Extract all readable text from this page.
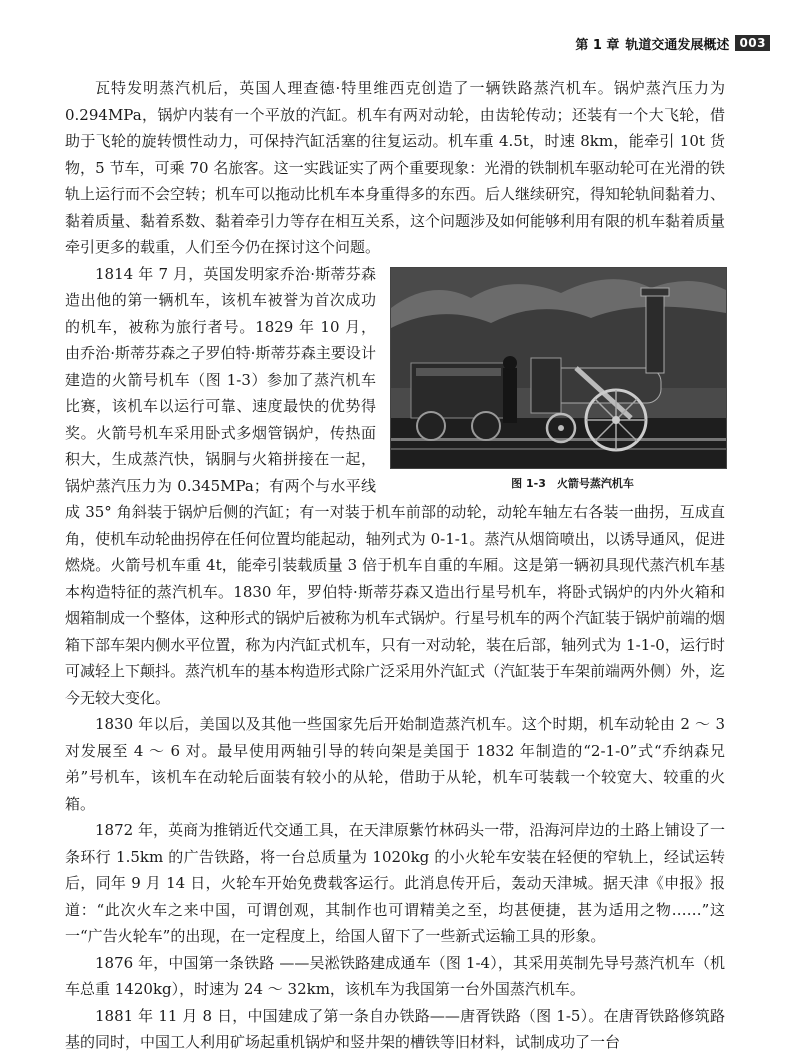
第 1 章 轨道交通发展概述 003

瓦特发明蒸汽机后，英国人理查德·特里维西克创造了一辆铁路蒸汽机车。锅炉蒸汽压力为 0.294MPa，锅炉内装有一个平放的汽缸。机车有两对动轮，由齿轮传动；还装有一个大飞轮，借助于飞轮的旋转惯性动力，可保持汽缸活塞的往复运动。机车重 4.5t，时速 8km，能牵引 10t 货物，5 节车，可乘 70 名旅客。这一实践证实了两个重要现象：光滑的铁制机车驱动轮可在光滑的铁轨上运行而不会空转；机车可以拖动比机车本身重得多的东西。后人继续研究，得知轮轨间黏着力、黏着质量、黏着系数、黏着牵引力等存在相互关系，这个问题涉及如何能够利用有限的机车黏着质量牵引更多的载重，人们至今仍在探讨这个问题。

图 1-3　火箭号蒸汽机车
1814 年 7 月，英国发明家乔治·斯蒂芬森造出他的第一辆机车，该机车被誉为首次成功的机车，被称为旅行者号。1829 年 10 月，由乔治·斯蒂芬森之子罗伯特·斯蒂芬森主要设计建造的火箭号机车（图 1-3）参加了蒸汽机车比赛，该机车以运行可靠、速度最快的优势得奖。火箭号机车采用卧式多烟管锅炉，传热面积大，生成蒸汽快，锅胴与火箱拼接在一起，锅炉蒸汽压力为 0.345MPa；有两个与水平线成 35° 角斜装于锅炉后侧的汽缸；有一对装于机车前部的动轮，动轮车轴左右各装一曲拐，互成直角，使机车动轮曲拐停在任何位置均能起动，轴列式为 0-1-1。蒸汽从烟筒喷出，以诱导通风，促进燃烧。火箭号机车重 4t，能牵引装载质量 3 倍于机车自重的车厢。这是第一辆初具现代蒸汽机车基本构造特征的蒸汽机车。1830 年，罗伯特·斯蒂芬森又造出行星号机车，将卧式锅炉的内外火箱和烟箱制成一个整体，这种形式的锅炉后被称为机车式锅炉。行星号机车的两个汽缸装于锅炉前端的烟箱下部车架内侧水平位置，称为内汽缸式机车，只有一对动轮，装在后部，轴列式为 1-1-0，运行时可减轻上下颠抖。蒸汽机车的基本构造形式除广泛采用外汽缸式（汽缸装于车架前端两外侧）外，迄今无较大变化。

1830 年以后，美国以及其他一些国家先后开始制造蒸汽机车。这个时期，机车动轮由 2 ～ 3 对发展至 4 ～ 6 对。最早使用两轴引导的转向架是美国于 1832 年制造的“2-1-0”式“乔纳森兄弟”号机车，该机车在动轮后面装有较小的从轮，借助于从轮，机车可装载一个较宽大、较重的火箱。

1872 年，英商为推销近代交通工具，在天津原紫竹林码头一带，沿海河岸边的土路上铺设了一条环行 1.5km 的广告铁路，将一台总质量为 1020kg 的小火轮车安装在轻便的窄轨上，经试运转后，同年 9 月 14 日，火轮车开始免费载客运行。此消息传开后，轰动天津城。据天津《申报》报道：“此次火车之来中国，可谓创观，其制作也可谓精美之至，均甚便捷，甚为适用之物……”这一“广告火轮车”的出现，在一定程度上，给国人留下了一些新式运输工具的形象。

1876 年，中国第一条铁路 ——吴淞铁路建成通车（图 1-4），其采用英制先导号蒸汽机车（机车总重 1420kg），时速为 24 ～ 32km，该机车为我国第一台外国蒸汽机车。

1881 年 11 月 8 日，中国建成了第一条自办铁路——唐胥铁路（图 1-5）。在唐胥铁路修筑路基的同时，中国工人利用矿场起重机锅炉和竖井架的槽铁等旧材料，试制成功了一台
